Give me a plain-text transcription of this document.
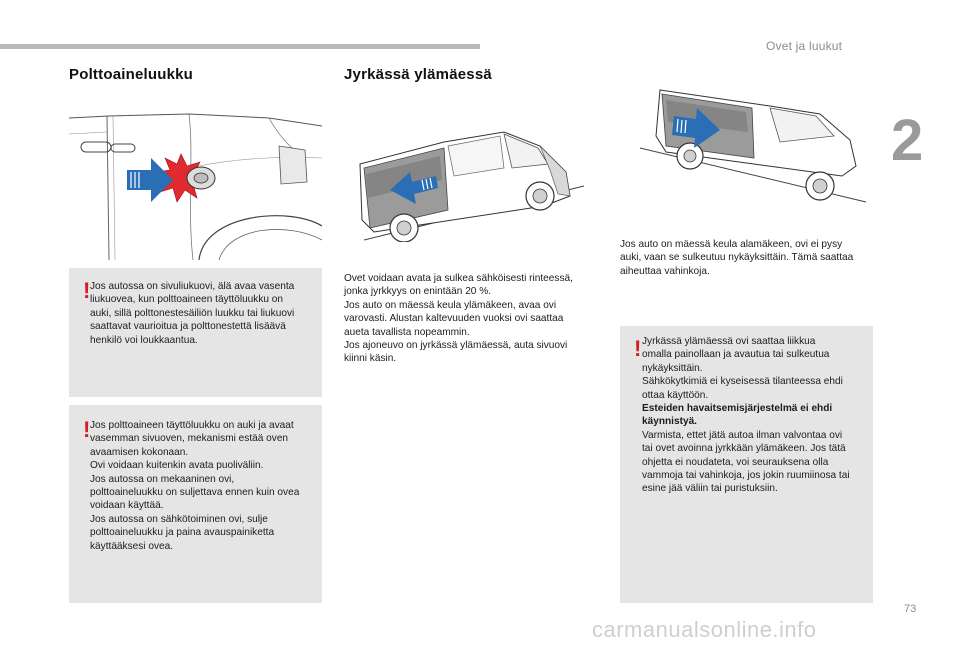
Ovet ja luukut
2
Polttoaineluukku
! Jos autossa on sivuliukuovi, älä avaa vasenta
liukuovea, kun polttoaineen täyttöluukku on
auki, sillä polttonestesäiliön luukku tai liukuovi
saattavat vaurioitua ja polttonestettä lisäävä
henkilö voi loukkaantua.
! Jos polttoaineen täyttöluukku on auki ja avaat
vasemman sivuoven, mekanismi estää oven
avaamisen kokonaan.
Ovi voidaan kuitenkin avata puoliväliin.
Jos autossa on mekaaninen ovi,
polttoaineluukku on suljettava ennen kuin ovea
voidaan käyttää.
Jos autossa on sähkötoiminen ovi, sulje
polttoaineluukku ja paina avauspainiketta
käyttääksesi ovea.
Jyrkässä ylämäessä
Ovet voidaan avata ja sulkea sähköisesti rinteessä,
jonka jyrkkyys on enintään 20 %.
Jos auto on mäessä keula ylämäkeen, avaa ovi
varovasti. Alustan kaltevuuden vuoksi ovi saattaa
aueta tavallista nopeammin.
Jos ajoneuvo on jyrkässä ylämäessä, auta sivuovi
kiinni käsin.
Jos auto on mäessä keula alamäkeen, ovi ei pysy
auki, vaan se sulkeutuu nykäyksittäin. Tämä saattaa
aiheuttaa vahinkoja.
! Jyrkässä ylämäessä ovi saattaa liikkua
omalla painollaan ja avautua tai sulkeutua
nykäyksittäin.
Sähkökytkimiä ei kyseisessä tilanteessa ehdi
ottaa käyttöön.
Esteiden havaitsemisjärjestelmä ei ehdi
käynnistyä.
Varmista, ettet jätä autoa ilman valvontaa ovi
tai ovet avoinna jyrkkään ylämäkeen. Jos tätä
ohjetta ei noudateta, voi seurauksena olla
vammoja tai vahinkoja, jos jokin ruumiinosa tai
esine jää väliin tai puristuksiin.
73
carmanualsonline.info
